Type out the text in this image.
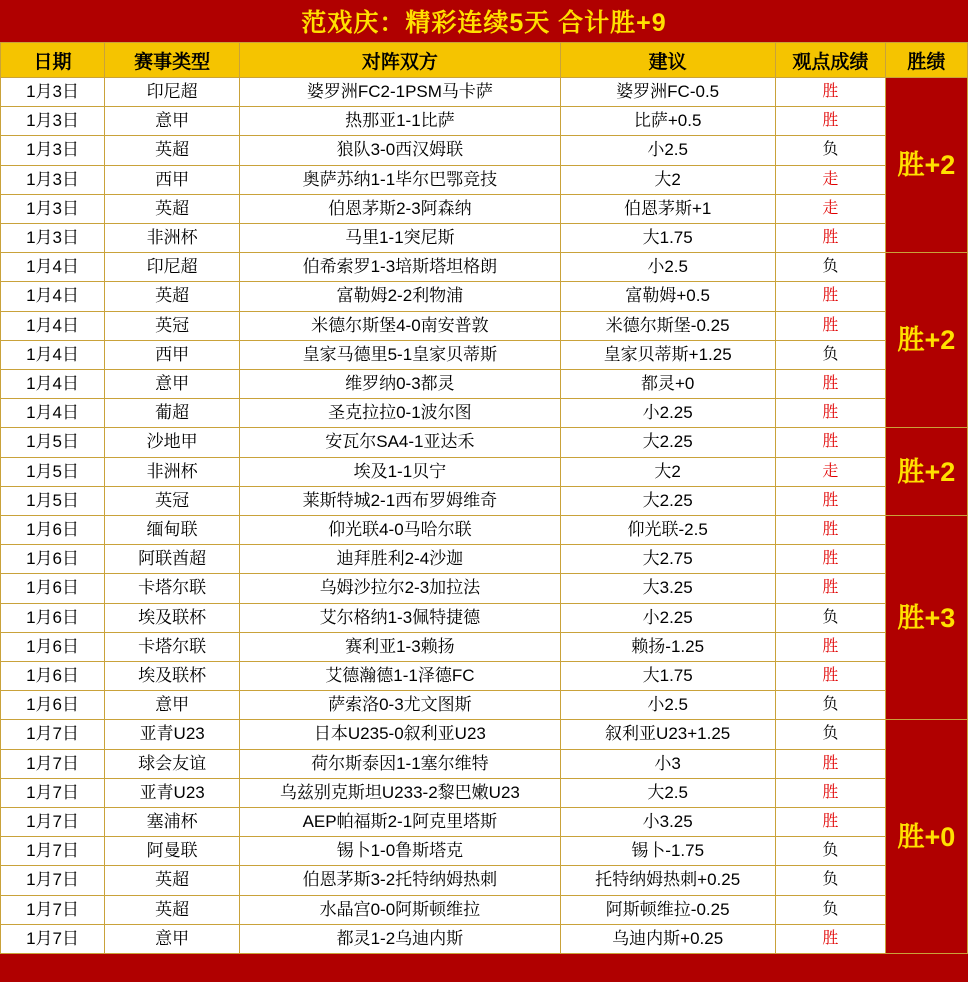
范戏庆：精彩连续5天 合计胜+9
日期	赛事类型	对阵双方	建议	观点成绩	胜绩
1月3日	印尼超	婆罗洲FC2-1PSM马卡萨	婆罗洲FC-0.5	胜	胜+2
1月3日	意甲	热那亚1-1比萨	比萨+0.5	胜	
1月3日	英超	狼队3-0西汉姆联	小2.5	负	
1月3日	西甲	奥萨苏纳1-1毕尔巴鄂竞技	大2	走	
1月3日	英超	伯恩茅斯2-3阿森纳	伯恩茅斯+1	走	
1月3日	非洲杯	马里1-1突尼斯	大1.75	胜	
1月4日	印尼超	伯希索罗1-3培斯塔坦格朗	小2.5	负	胜+2
1月4日	英超	富勒姆2-2利物浦	富勒姆+0.5	胜	
1月4日	英冠	米德尔斯堡4-0南安普敦	米德尔斯堡-0.25	胜	
1月4日	西甲	皇家马德里5-1皇家贝蒂斯	皇家贝蒂斯+1.25	负	
1月4日	意甲	维罗纳0-3都灵	都灵+0	胜	
1月4日	葡超	圣克拉拉0-1波尔图	小2.25	胜	
1月5日	沙地甲	安瓦尔SA4-1亚达禾	大2.25	胜	胜+2
1月5日	非洲杯	埃及1-1贝宁	大2	走	
1月5日	英冠	莱斯特城2-1西布罗姆维奇	大2.25	胜	
1月6日	缅甸联	仰光联4-0马哈尔联	仰光联-2.5	胜	胜+3
1月6日	阿联酋超	迪拜胜利2-4沙迦	大2.75	胜	
1月6日	卡塔尔联	乌姆沙拉尔2-3加拉法	大3.25	胜	
1月6日	埃及联杯	艾尔格纳1-3佩特捷德	小2.25	负	
1月6日	卡塔尔联	赛利亚1-3赖扬	赖扬-1.25	胜	
1月6日	埃及联杯	艾德瀚德1-1泽德FC	大1.75	胜	
1月6日	意甲	萨索洛0-3尤文图斯	小2.5	负	
1月7日	亚青U23	日本U235-0叙利亚U23	叙利亚U23+1.25	负	胜+0
1月7日	球会友谊	荷尔斯泰因1-1塞尔维特	小3	胜	
1月7日	亚青U23	乌兹别克斯坦U233-2黎巴嫩U23	大2.5	胜	
1月7日	塞浦杯	AEP帕福斯2-1阿克里塔斯	小3.25	胜	
1月7日	阿曼联	锡卜1-0鲁斯塔克	锡卜-1.75	负	
1月7日	英超	伯恩茅斯3-2托特纳姆热刺	托特纳姆热刺+0.25	负	
1月7日	英超	水晶宫0-0阿斯顿维拉	阿斯顿维拉-0.25	负	
1月7日	意甲	都灵1-2乌迪内斯	乌迪内斯+0.25	胜	
